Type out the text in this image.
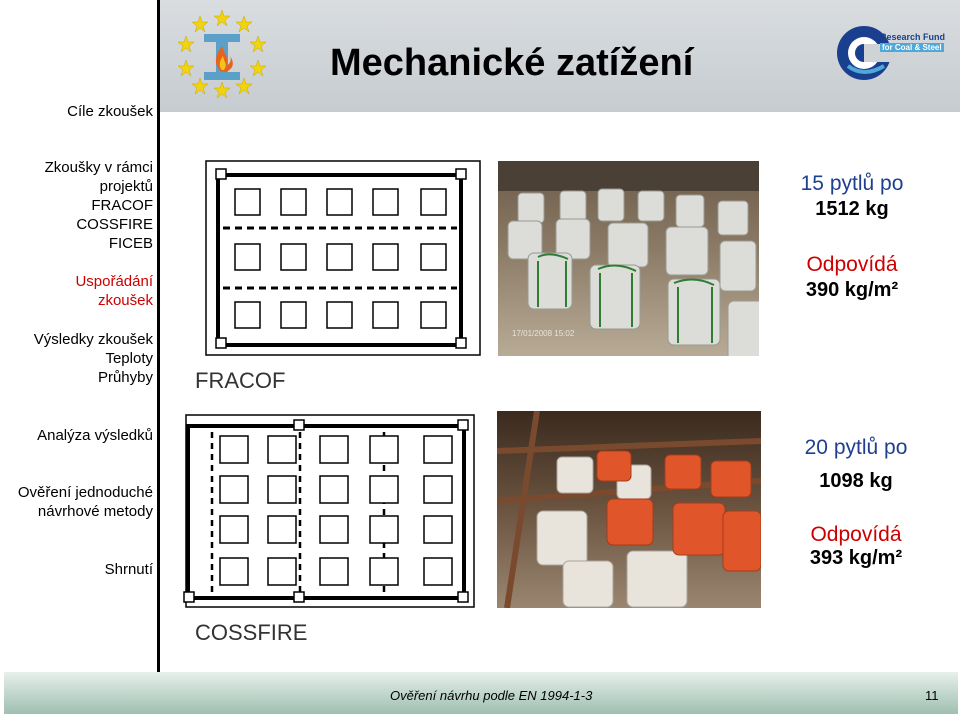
Mechanické zatížení
Research Fund
for Coal & Steel
Cíle zkoušek
Zkoušky v rámci
projektů
FRACOF
COSSFIRE
FICEB
Uspořádání
zkoušek
Výsledky zkoušek
Teploty
Průhyby
Analýza výsledků
Ověření jednoduché
návrhové metody
Shrnutí
FRACOF
17/01/2008 15:02
15 pytlů po
1512 kg
Odpovídá
390 kg/m²
COSSFIRE
20 pytlů po
1098 kg
Odpovídá
393 kg/m²
Ověření návrhu podle EN 1994-1-3	11
